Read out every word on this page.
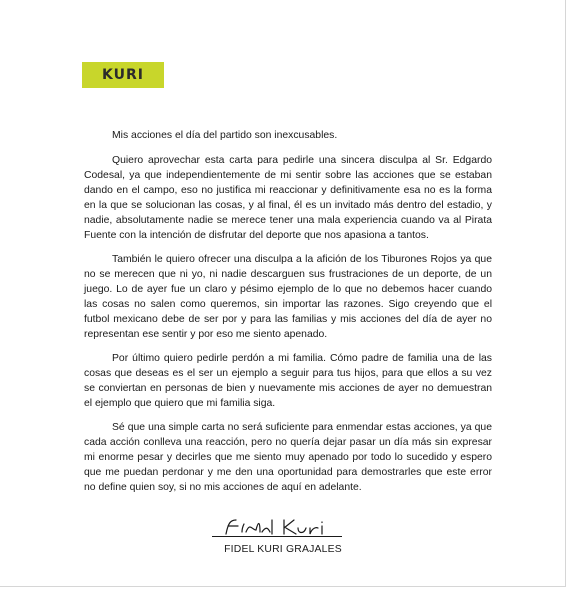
KURI

Mis acciones el día del partido son inexcusables.

Quiero aprovechar esta carta para pedirle una sincera disculpa al Sr. Edgardo Codesal, ya que independientemente de mi sentir sobre las acciones que se estaban dando en el campo, eso no justifica mi reaccionar y definitivamente esa no es la forma en la que se solucionan las cosas, y al final, él es un invitado más dentro del estadio, y nadie, absolutamente nadie se merece tener una mala experiencia cuando va al Pirata Fuente con la intención de disfrutar del deporte que nos apasiona a tantos.

También le quiero ofrecer una disculpa a la afición de los Tiburones Rojos ya que no se merecen que ni yo, ni nadie descarguen sus frustraciones de un deporte, de un juego. Lo de ayer fue un claro y pésimo ejemplo de lo que no debemos hacer cuando las cosas no salen como queremos, sin importar las razones. Sigo creyendo que el futbol mexicano debe de ser por y para las familias y mis acciones del día de ayer no representan ese sentir y por eso me siento apenado.

Por último quiero pedirle perdón a mi familia. Cómo padre de familia una de las cosas que deseas es el ser un ejemplo a seguir para tus hijos, para que ellos a su vez se conviertan en personas de bien y nuevamente mis acciones de ayer no demuestran el ejemplo que quiero que mi familia siga.

Sé que una simple carta no será suficiente para enmendar estas acciones, ya que cada acción conlleva una reacción, pero no quería dejar pasar un día más sin expresar mi enorme pesar y decirles que me siento muy apenado por todo lo sucedido y espero que me puedan perdonar y me den una oportunidad para demostrarles que este error no define quien soy, si no mis acciones de aquí en adelante.

FIDEL KURI GRAJALES
